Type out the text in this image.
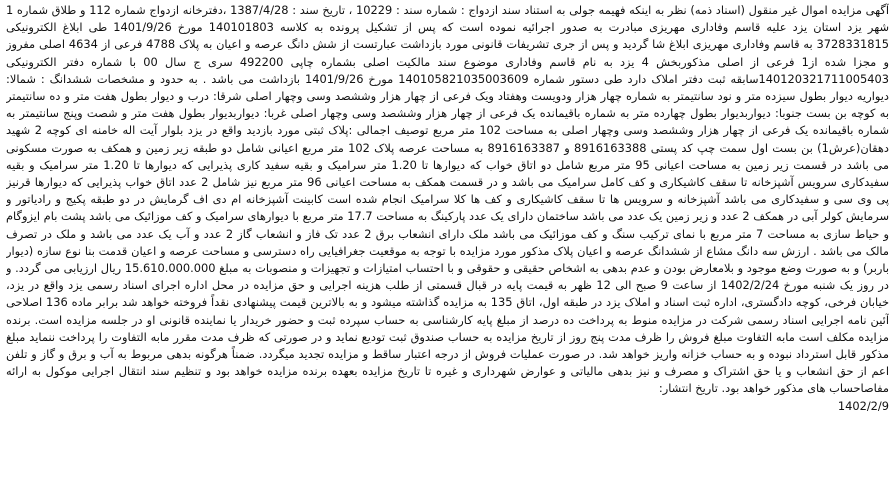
آگهی مزایده اموال غیر منقول (اسناد ذمه) نظر به اینکه فهیمه جولی به استناد سند ازدواج : شماره سند : 10229 ، تاریخ سند : 1387/4/28 ،دفترخانه ازدواج شماره 112 و طلاق شماره 1 شهر یزد استان یزد علیه قاسم وفاداری مهریزی مبادرت به صدور اجرائیه نموده است که پس از تشکیل پرونده به کلاسه 140101803 مورخ 1401/9/26 طی ابلاغ الکترونیکی 3728331815 به قاسم وفاداری مهریزی ابلاغ شا گردید و پس از جری تشریفات قانونی مورد بازداشت عبارتست از شش دانگ عرصه و اعیان به پلاک 4788 فرعی از 4634 اصلی مفروز و مجزا شده از1 فرعی از اصلی مذکوربخش 4 یزد به نام قاسم وفاداری موضوع سند مالکیت اصلی بشماره چاپی 492200 سری ج سال 00 با شماره دفتر الکترونیکی 140120321711005403سابقه ثبت دفتر املاک دارد طی دستور شماره 140105821035003609 مورخ 1401/9/26 بازداشت می باشد . به حدود و مشخصات ششدانگ : شمالا: دیواریه دیوار بطول سیزده متر و نود سانتیمتر به شماره چهار هزار ودویست وهفتاد ویک فرعی از چهار هزار وششصد وسی وچهار اصلی شرقا: درب و دیوار بطول هفت متر و ده سانتیمتر به کوچه بن بست جنوبا: دیواربدیوار بطول چهارده متر به شماره باقیمانده یک فرعی از چهار هزار وششصد وسی وچهار اصلی غربا: دیواربدیوار بطول هفت متر و شصت وپنج سانتیمتر به شماره باقیمانده یک فرعی از چهار هزار وششصد وسی وچهار اصلی به مساحت 102 متر مربع توصیف اجمالی :پلاک ثبتی مورد بازدید واقع در یزد بلوار آیت اله خامنه ای کوچه 2 شهید دهقان(عرش1) بن بست اول سمت چپ کد پستی 8916163388 و 8916163387 به مساحت عرصه پلاک 102 متر مربع اعیانی شامل دو طبقه زیر زمین و همکف به صورت مسکونی می باشد در قسمت زیر زمین به مساحت اعیانی 95 متر مربع شامل دو اتاق خواب که دیوارها تا 1.20 متر سرامیک و بقیه سفید کاری پذیرایی که دیوارها تا 1.20 متر سرامیک و بقیه سفیدکاری سرویس آشپزخانه تا سقف کاشیکاری و کف کامل سرامیک می باشد و در قسمت همکف به مساحت اعیانی 96 متر مربع نیز شامل 2 عدد اتاق خواب پذیرایی که دیوارها قرنیز پی وی سی و سفیدکاری می باشد آشپزخانه و سرویس ها تا سقف کاشیکاری و کف ها کلا سرامیک انجام شده است کابینت آشپزخانه ام دی اف گرمایش در دو طبقه پکیج و رادیاتور و سرمایش کولر آبی در همکف 2 عدد و زیر زمین یک عدد می باشد ساختمان دارای یک عدد پارکینگ به مساحت 17.7 متر مربع با دیوارهای سرامیک و کف موزائیک می باشد پشت بام ایزوگام و حیاط سازی به مساحت 7 متر مربع با نمای ترکیب سنگ و کف موزائیک می باشد ملک دارای انشعاب برق 2 عدد تک فاز و انشعاب گاز 2 عدد و آب یک عدد می باشد و ملک در تصرف مالک می باشد . ارزش سه دانگ مشاع از ششدانگ عرصه و اعیان پلاک مذکور مورد مزایده با توجه به موقعیت جغرافیایی راه دسترسی و مساحت عرصه و اعیان قدمت بنا نوع سازه (دیوار باربر) و به صورت وضع موجود و بلامعارض بودن و عدم بدهی به اشخاص حقیقی و حقوقی و با احتساب امتیازات و تجهیزات و منصوبات به مبلغ 15.610.000.000 ریال ارزیابی می گردد. و در روز یک شنبه مورخ 1402/2/24 از ساعت 9 صبح الی 12 ظهر به قیمت پایه در قبال قسمتی از طلب هزینه اجرایی و حق مزایده در محل اداره اجرای اسناد رسمی یزد واقع در یزد، خیابان فرخی، کوچه دادگستری، اداره ثبت اسناد و املاک یزد در طبقه اول، اتاق 135 به مزایده گذاشته میشود و به بالاترین قیمت پیشنهادی نقداً فروخته خواهد شد برابر ماده 136 اصلاحی آئین نامه اجرایی اسناد رسمی شرکت در مزایده منوط به پرداخت ده درصد از مبلغ پایه کارشناسی به حساب سپرده ثبت و حضور خریدار یا نماینده قانونی او در جلسه مزایده است. برنده مزایده مکلف است مابه التفاوت مبلغ فروش را ظرف مدت پنج روز از تاریخ مزایده به حساب صندوق ثبت تودیع نماید و در صورتی که ظرف مدت مقرر مابه التفاوت را پرداخت ننماید مبلغ مذکور قابل استرداد نبوده و به حساب خزانه واریز خواهد شد. در صورت عملیات فروش از درجه اعتبار ساقط و مزایده تجدید میگردد. ضمناً هرگونه بدهی مربوط به آب و برق و گاز و تلفن اعم از حق انشعاب و یا حق اشتراک و مصرف و نیز بدهی مالیاتی و عوارض شهرداری و غیره تا تاریخ مزایده بعهده برنده مزایده خواهد بود و تنظیم سند انتقال اجرایی موکول به ارائه مفاصاحساب های مذکور خواهد بود. تاریخ انتشار:
1402/2/9
